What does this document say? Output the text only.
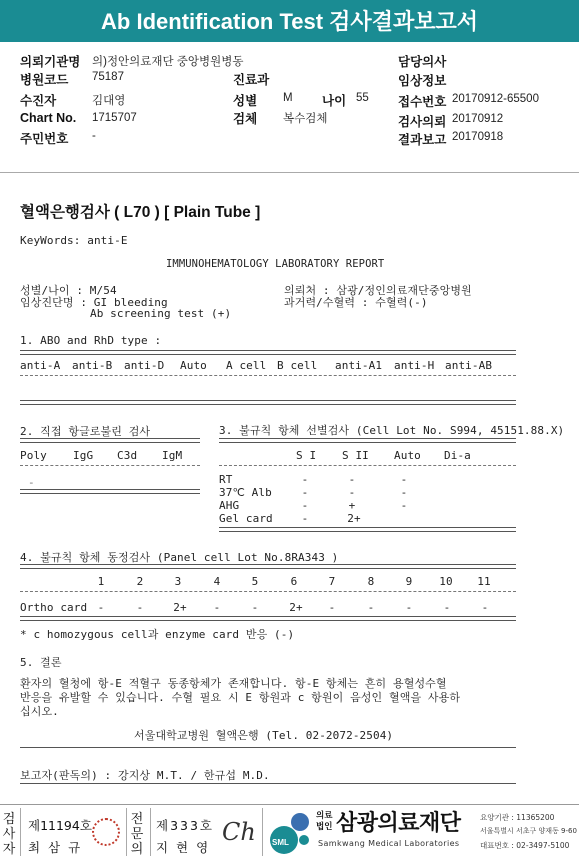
Ab Identification Test 검사결과보고서
의뢰기관명 의)정안의료재단 중앙병원병동
병원코드 75187	진료과
수진자	김대영	성별 M 나이 55
Chart No. 1715707	검체 복수검체
주민번호 -
담당의사
임상정보
접수번호 20170912-65500
검사의뢰 20170912
결과보고 20170918
혈액은행검사 ( L70 ) [ Plain Tube ]
KeyWords: anti-E
IMMUNOHEMATOLOGY LABORATORY REPORT
성별/나이 : M/54
임상진단명 : GI bleeding
Ab screening test (+)
의뢰처 : 삼광/정인의료재단중앙병원
과거력/수혈력 : 수혈력(-)
1. ABO and RhD type :
anti-A anti-B anti-D Auto A cell B cell anti-A1 anti-H anti-AB
2. 직접 항글로불린 검사
Poly IgG C3d IgM
-
3. 불규칙 항체 선별검사 (Cell Lot No. S994, 45151.88.X)
S I S II Auto Di-a
RT	-	-	-
37℃ Alb	-	-	-
AHG	-	+	-
Gel card	-	2+
4. 불규칙 항체 동정검사 (Panel cell Lot No.8RA343 )
1	2	3	4	5	6	7	8	9	10 11
Ortho card -	-	2+	-	-	2+	-	-	-	-	-
* c homozygous cell과 enzyme card 반응 (-)
5. 결론
환자의 혈청에 항-E 적혈구 동종항체가 존재합니다. 항-E 항체는 흔히 용혈성수혈
반응을 유발할 수 있습니다. 수혈 필요 시 E 항원과 c 항원이 음성인 혈액을 사용하
십시오.
서울대학교병원 혈액은행 (Tel. 02-2072-2504)
보고자(판독의) : 강지상 M.T. / 한규섭 M.D.
검사자
제11194호
최 삼 규
전문의
제333호
지 현 영
Ch SML
의료
법인 삼광의료재단
Samkwang Medical Laboratories
요양기관 : 11365200
서울특별시 서초구 양재동 9-60
대표번호 : 02-3497-5100
